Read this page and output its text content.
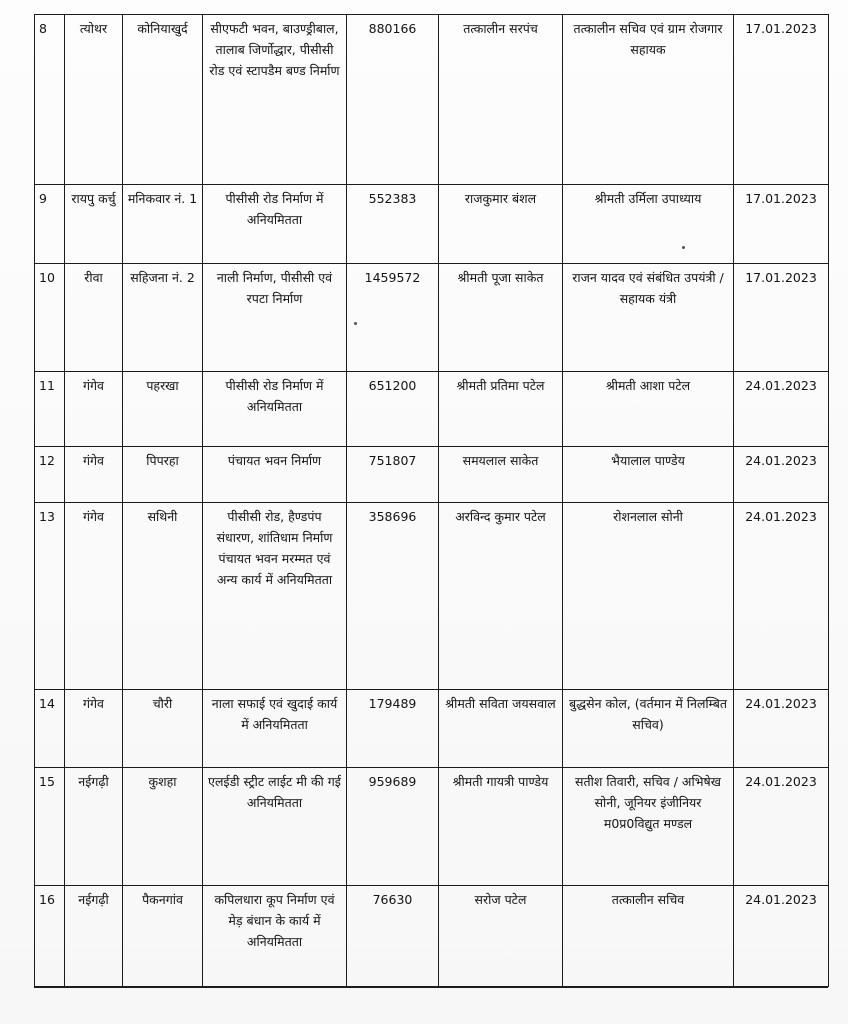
8	त्योथर	कोनियाखुर्द	सीएफटी भवन, बाउण्ड्रीबाल, तालाब जिर्णोद्धार, पीसीसी रोड एवं स्टापडैम बण्ड निर्माण	880166	तत्कालीन सरपंच	तत्कालीन सचिव एवं ग्राम रोजगार सहायक	17.01.2023
9	रायपु कर्चु	मनिकवार नं. 1	पीसीसी रोड निर्माण में अनियमितता	552383	राजकुमार बंशल	श्रीमती उर्मिला उपाध्याय	17.01.2023
10	रीवा	सहिजना नं. 2	नाली निर्माण, पीसीसी एवं रपटा निर्माण	1459572	श्रीमती पूजा साकेत	राजन यादव एवं संबंधित उपयंत्री / सहायक यंत्री	17.01.2023
11	गंगेव	पहरखा	पीसीसी रोड निर्माण में अनियमितता	651200	श्रीमती प्रतिमा पटेल	श्रीमती आशा पटेल	24.01.2023
12	गंगेव	पिपरहा	पंचायत भवन निर्माण	751807	समयलाल साकेत	भैयालाल पाण्डेय	24.01.2023
13	गंगेव	सथिनी	पीसीसी रोड, हैण्डपंप संधारण, शांतिधाम निर्माण पंचायत भवन मरम्मत एवं अन्य कार्य में अनियमितता	358696	अरविन्द कुमार पटेल	रोशनलाल सोनी	24.01.2023
14	गंगेव	चौरी	नाला सफाई एवं खुदाई कार्य में अनियमितता	179489	श्रीमती सविता जयसवाल	बुद्धसेन कोल, (वर्तमान में निलम्बित सचिव)	24.01.2023
15	नईगढ़ी	कुशहा	एलईडी स्ट्रीट लाईट मी की गई अनियमितता	959689	श्रीमती गायत्री पाण्डेय	सतीश तिवारी, सचिव / अभिषेख सोनी, जूनियर इंजीनियर म0प्र0विद्युत मण्डल	24.01.2023
16	नईगढ़ी	पैकनगांव	कपिलधारा कूप निर्माण एवं मेड़ बंधान के कार्य में अनियमितता	76630	सरोज पटेल	तत्कालीन सचिव	24.01.2023
